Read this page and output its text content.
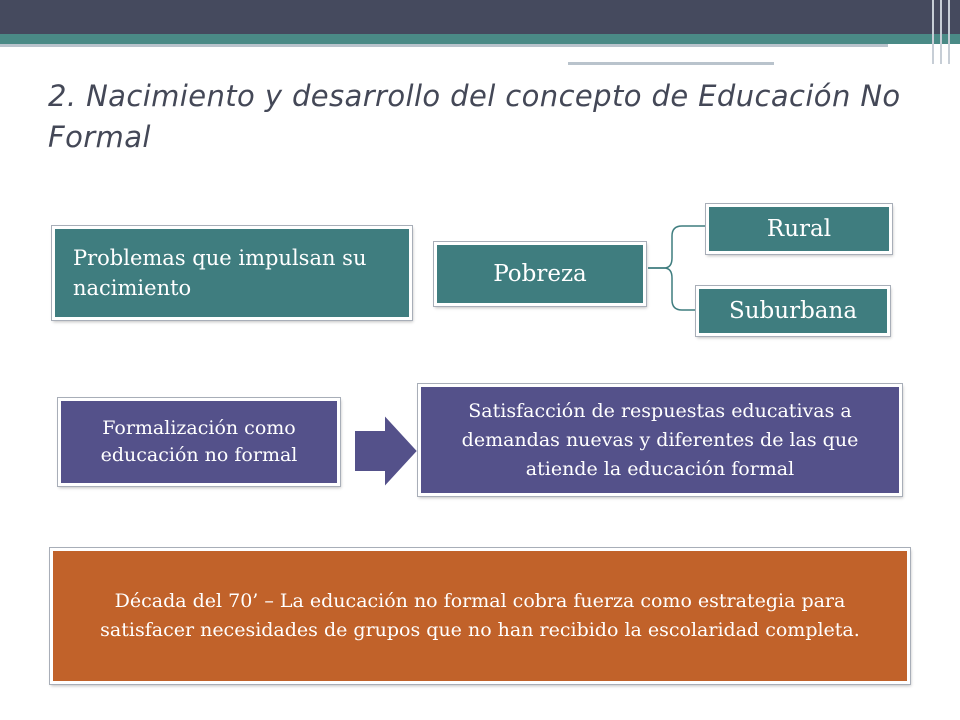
2. Nacimiento y desarrollo del concepto de Educación No Formal
Problemas que impulsan su nacimiento
Pobreza
Rural
Suburbana
Formalización como educación no formal
Satisfacción de respuestas educativas a demandas nuevas y diferentes de las que atiende la educación formal
Década del 70’ – La educación no formal cobra fuerza como estrategia para satisfacer necesidades de grupos que no han recibido la escolaridad completa.
